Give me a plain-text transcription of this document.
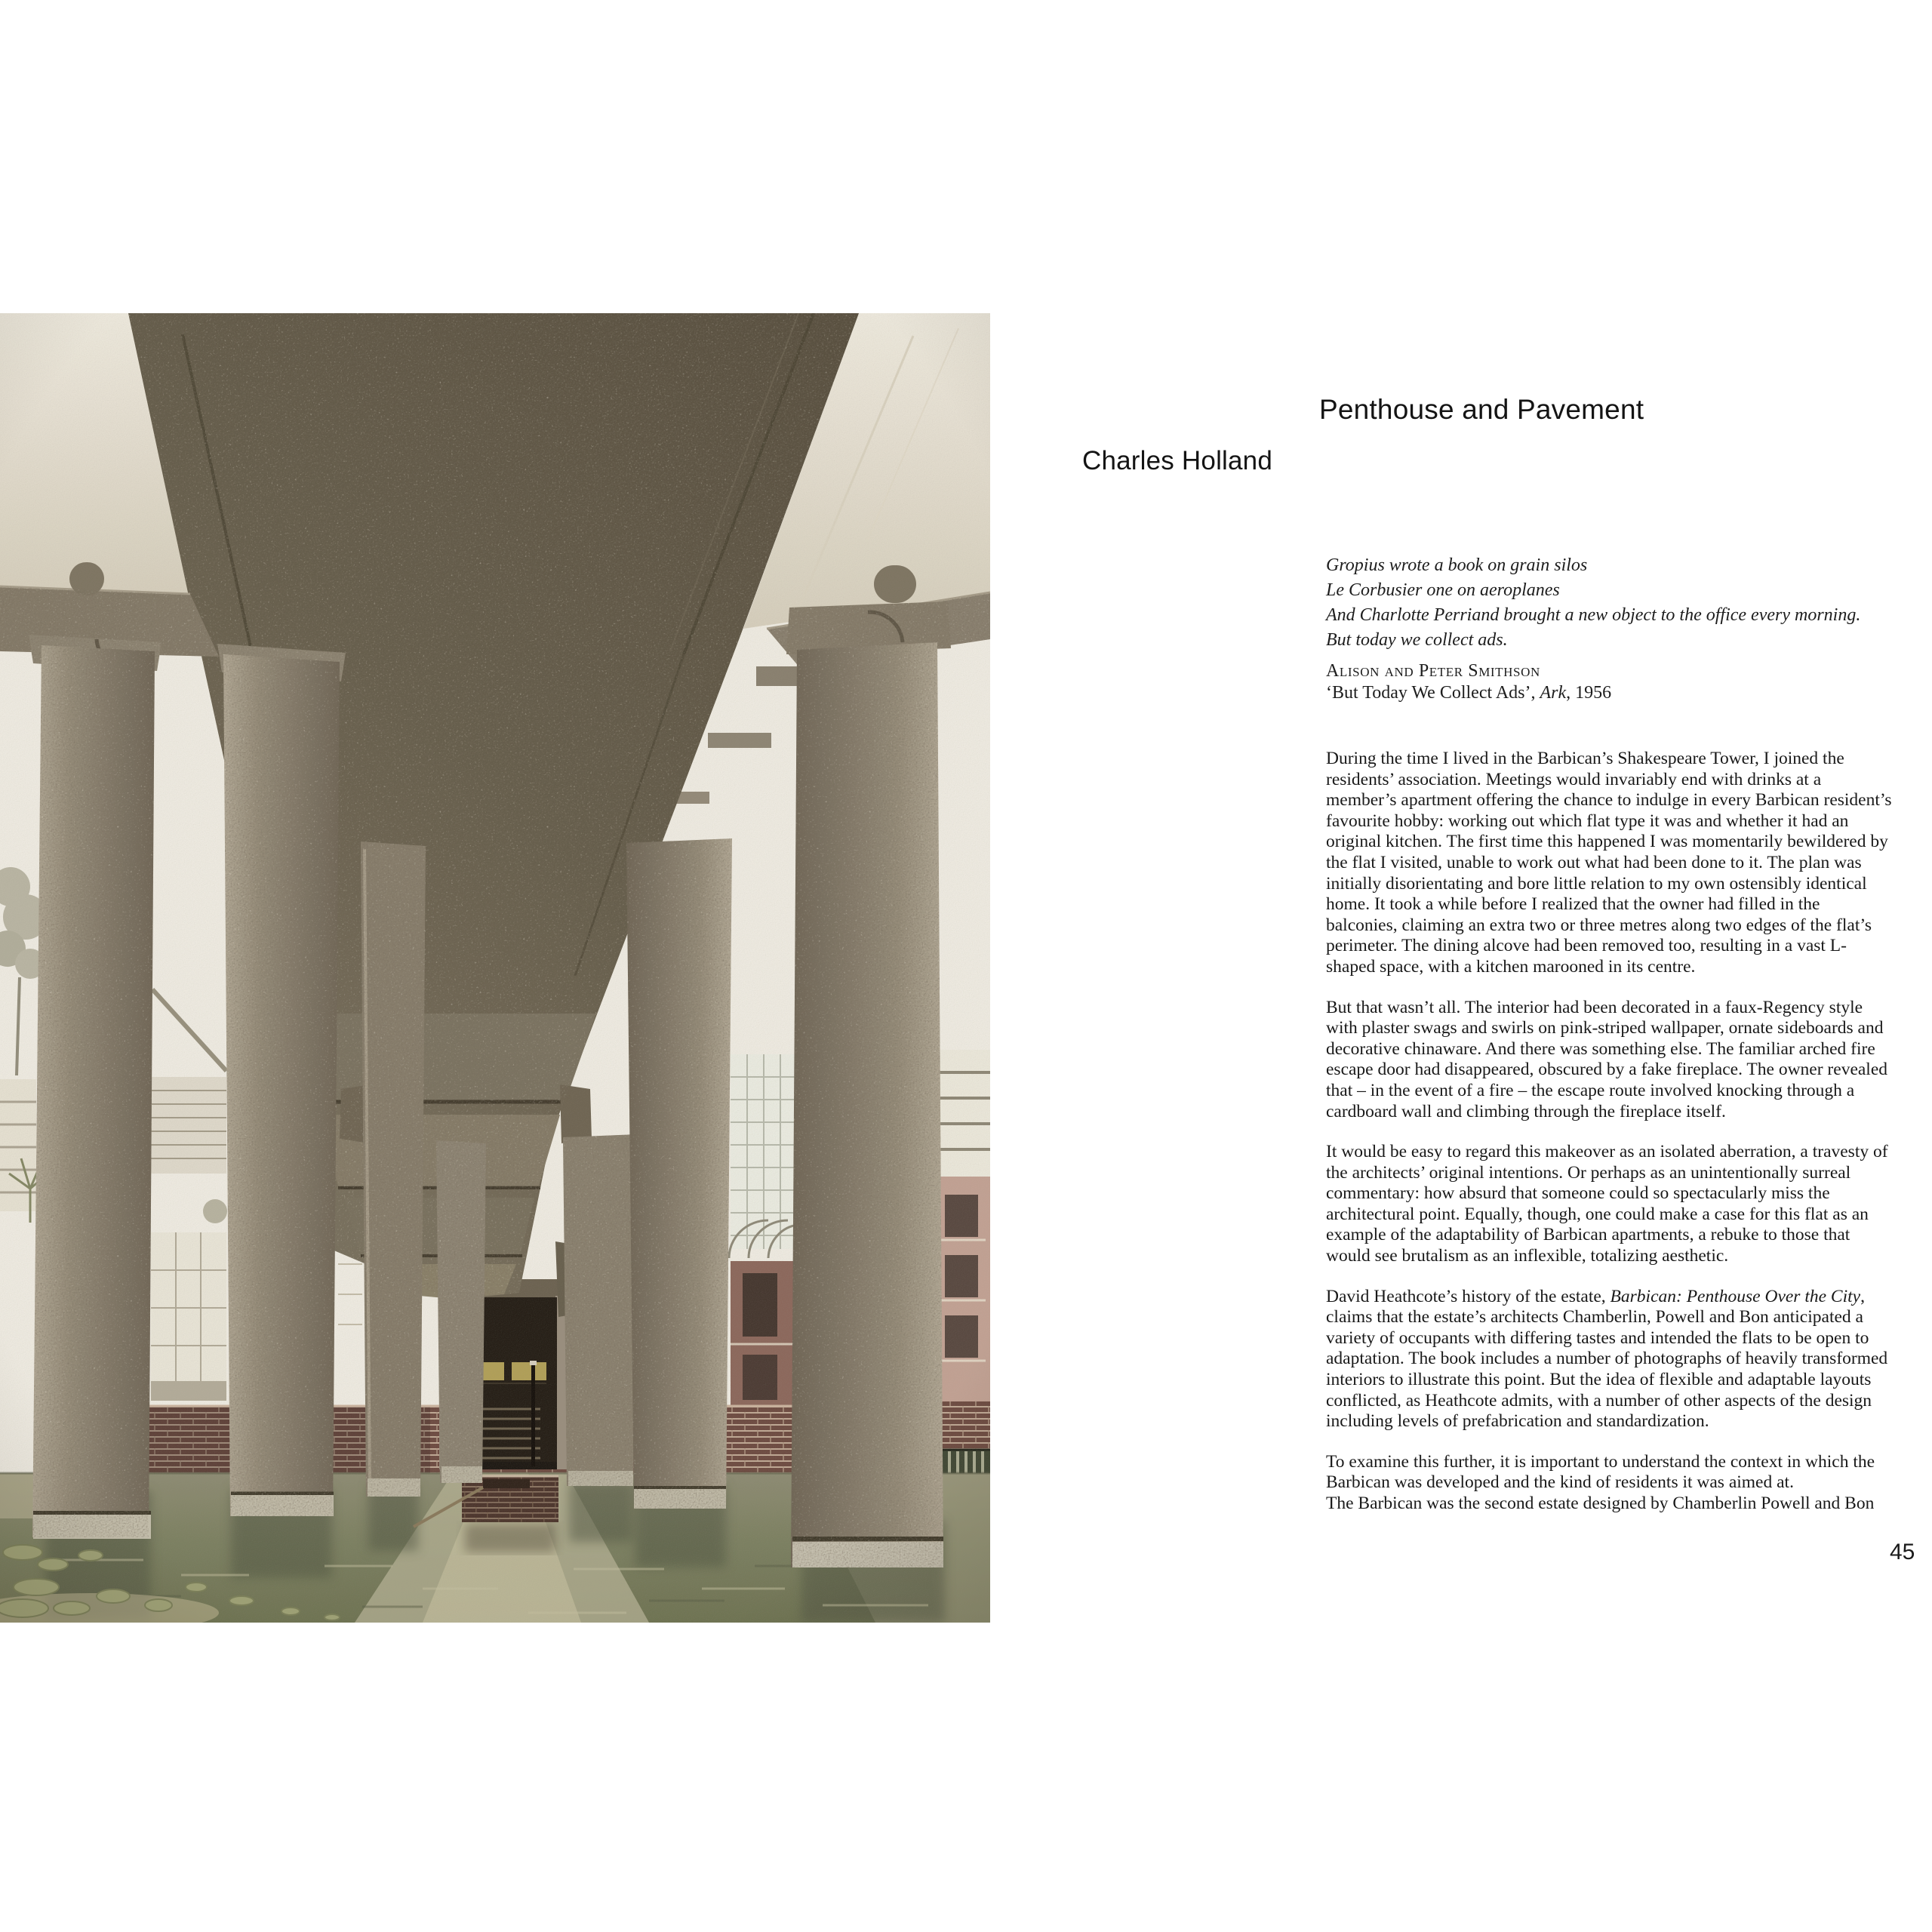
Penthouse and Pavement
Charles Holland
Gropius wrote a book on grain silos
Le Corbusier one on aeroplanes
And Charlotte Perriand brought a new object to the office every morning.
But today we collect ads.
Alison and Peter Smithson
‘But Today We Collect Ads’, Ark, 1956

During the time I lived in the Barbican’s Shakespeare Tower, I joined the residents’ association. Meetings would invariably end with drinks at a member’s apartment offering the chance to indulge in every Barbican resident’s favourite hobby: working out which flat type it was and whether it had an original kitchen. The first time this happened I was momentarily bewildered by the flat I visited, unable to work out what had been done to it. The plan was initially disorientating and bore little relation to my own ostensibly identical home. It took a while before I realized that the owner had filled in the balconies, claiming an extra two or three metres along two edges of the flat’s perimeter. The dining alcove had been removed too, resulting in a vast L-shaped space, with a kitchen marooned in its centre.

But that wasn’t all. The interior had been decorated in a faux-Regency style with plaster swags and swirls on pink-striped wallpaper, ornate sideboards and decorative chinaware. And there was something else. The familiar arched fire escape door had disappeared, obscured by a fake fireplace. The owner revealed that – in the event of a fire – the escape route involved knocking through a cardboard wall and climbing through the fireplace itself.

It would be easy to regard this makeover as an isolated aberration, a travesty of the architects’ original intentions. Or perhaps as an unintentionally surreal commentary: how absurd that someone could so spectacularly miss the architectural point. Equally, though, one could make a case for this flat as an example of the adaptability of Barbican apartments, a rebuke to those that would see brutalism as an inflexible, totalizing aesthetic.

David Heathcote’s history of the estate, Barbican: Penthouse Over the City, claims that the estate’s architects Chamberlin, Powell and Bon anticipated a variety of occupants with differing tastes and intended the flats to be open to adaptation. The book includes a number of photographs of heavily transformed interiors to illustrate this point. But the idea of flexible and adaptable layouts conflicted, as Heathcote admits, with a number of other aspects of the design including levels of prefabrication and standardization.

To examine this further, it is important to understand the context in which the Barbican was developed and the kind of residents it was aimed at.
The Barbican was the second estate designed by Chamberlin Powell and Bon

45
